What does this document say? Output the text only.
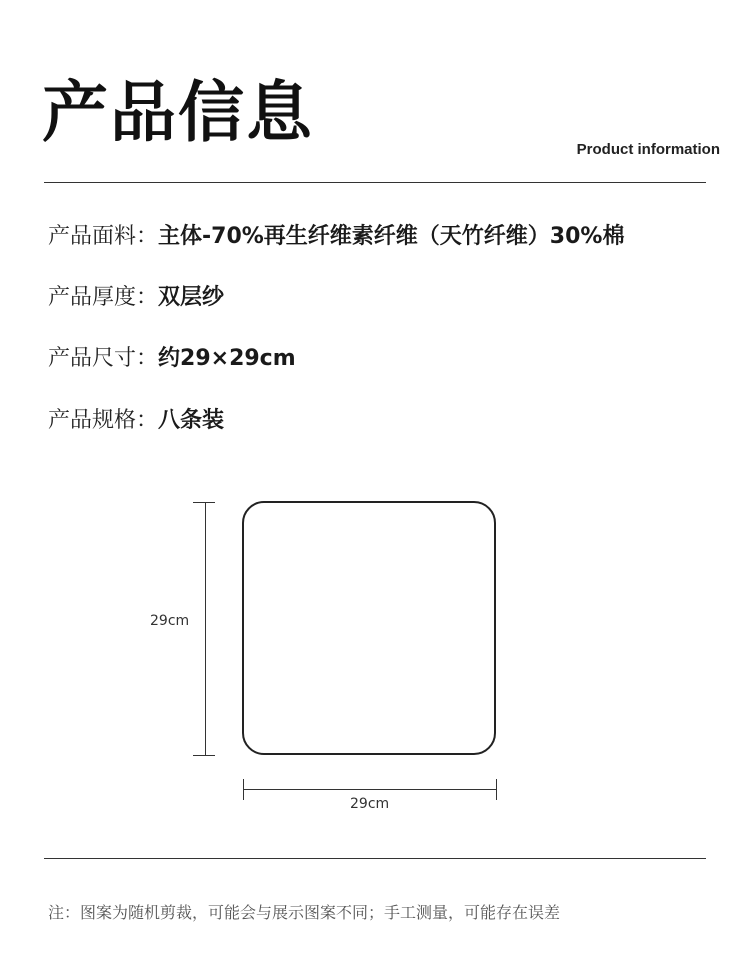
产品信息	Product information
产品面料：主体-70%再生纤维素纤维（天竹纤维）30%棉
产品厚度：双层纱
产品尺寸：约29×29cm
产品规格：八条装
29cm
29cm
注：图案为随机剪裁，可能会与展示图案不同；手工测量，可能存在误差
